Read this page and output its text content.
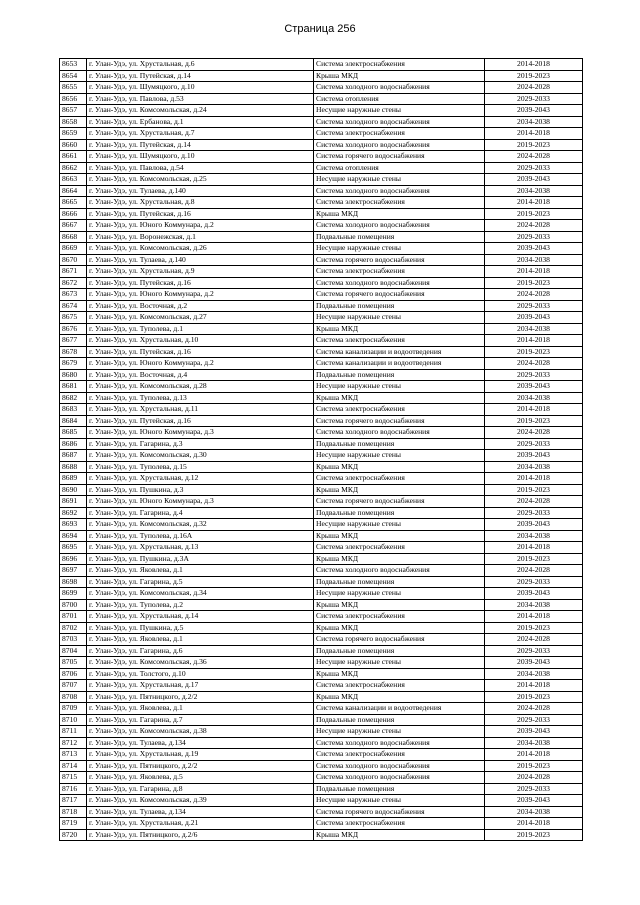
Страница 256
8653	г. Улан-Удэ, ул. Хрустальная, д.6	Система электроснабжения	2014-2018
8654	г. Улан-Удэ, ул. Путейская, д.14	Крыша МКД	2019-2023
8655	г. Улан-Удэ, ул. Шумяцкого, д.10	Система холодного водоснабжения	2024-2028
8656	г. Улан-Удэ, ул. Павлова, д.53	Система отопления	2029-2033
8657	г. Улан-Удэ, ул. Комсомольская, д.24	Несущие наружные стены	2039-2043
8658	г. Улан-Удэ, ул. Ербанова, д.1	Система холодного водоснабжения	2034-2038
8659	г. Улан-Удэ, ул. Хрустальная, д.7	Система электроснабжения	2014-2018
8660	г. Улан-Удэ, ул. Путейская, д.14	Система холодного водоснабжения	2019-2023
8661	г. Улан-Удэ, ул. Шумяцкого, д.10	Система горячего водоснабжения	2024-2028
8662	г. Улан-Удэ, ул. Павлова, д.54	Система отопления	2029-2033
8663	г. Улан-Удэ, ул. Комсомольская, д.25	Несущие наружные стены	2039-2043
8664	г. Улан-Удэ, ул. Тулаева, д.140	Система холодного водоснабжения	2034-2038
8665	г. Улан-Удэ, ул. Хрустальная, д.8	Система электроснабжения	2014-2018
8666	г. Улан-Удэ, ул. Путейская, д.16	Крыша МКД	2019-2023
8667	г. Улан-Удэ, ул. Юного Коммунара, д.2	Система холодного водоснабжения	2024-2028
8668	г. Улан-Удэ, ул. Воронежская, д.1	Подвальные помещения	2029-2033
8669	г. Улан-Удэ, ул. Комсомольская, д.26	Несущие наружные стены	2039-2043
8670	г. Улан-Удэ, ул. Тулаева, д.140	Система горячего водоснабжения	2034-2038
8671	г. Улан-Удэ, ул. Хрустальная, д.9	Система электроснабжения	2014-2018
8672	г. Улан-Удэ, ул. Путейская, д.16	Система холодного водоснабжения	2019-2023
8673	г. Улан-Удэ, ул. Юного Коммунара, д.2	Система горячего водоснабжения	2024-2028
8674	г. Улан-Удэ, ул. Восточная, д.2	Подвальные помещения	2029-2033
8675	г. Улан-Удэ, ул. Комсомольская, д.27	Несущие наружные стены	2039-2043
8676	г. Улан-Удэ, ул. Туполева, д.1	Крыша МКД	2034-2038
8677	г. Улан-Удэ, ул. Хрустальная, д.10	Система электроснабжения	2014-2018
8678	г. Улан-Удэ, ул. Путейская, д.16	Система канализации и водоотведения	2019-2023
8679	г. Улан-Удэ, ул. Юного Коммунара, д.2	Система канализации и водоотведения	2024-2028
8680	г. Улан-Удэ, ул. Восточная, д.4	Подвальные помещения	2029-2033
8681	г. Улан-Удэ, ул. Комсомольская, д.28	Несущие наружные стены	2039-2043
8682	г. Улан-Удэ, ул. Туполева, д.13	Крыша МКД	2034-2038
8683	г. Улан-Удэ, ул. Хрустальная, д.11	Система электроснабжения	2014-2018
8684	г. Улан-Удэ, ул. Путейская, д.16	Система горячего водоснабжения	2019-2023
8685	г. Улан-Удэ, ул. Юного Коммунара, д.3	Система холодного водоснабжения	2024-2028
8686	г. Улан-Удэ, ул. Гагарина, д.3	Подвальные помещения	2029-2033
8687	г. Улан-Удэ, ул. Комсомольская, д.30	Несущие наружные стены	2039-2043
8688	г. Улан-Удэ, ул. Туполева, д.15	Крыша МКД	2034-2038
8689	г. Улан-Удэ, ул. Хрустальная, д.12	Система электроснабжения	2014-2018
8690	г. Улан-Удэ, ул. Пушкина, д.3	Крыша МКД	2019-2023
8691	г. Улан-Удэ, ул. Юного Коммунара, д.3	Система горячего водоснабжения	2024-2028
8692	г. Улан-Удэ, ул. Гагарина, д.4	Подвальные помещения	2029-2033
8693	г. Улан-Удэ, ул. Комсомольская, д.32	Несущие наружные стены	2039-2043
8694	г. Улан-Удэ, ул. Туполева, д.16А	Крыша МКД	2034-2038
8695	г. Улан-Удэ, ул. Хрустальная, д.13	Система электроснабжения	2014-2018
8696	г. Улан-Удэ, ул. Пушкина, д.3А	Крыша МКД	2019-2023
8697	г. Улан-Удэ, ул. Яковлева, д.1	Система холодного водоснабжения	2024-2028
8698	г. Улан-Удэ, ул. Гагарина, д.5	Подвальные помещения	2029-2033
8699	г. Улан-Удэ, ул. Комсомольская, д.34	Несущие наружные стены	2039-2043
8700	г. Улан-Удэ, ул. Туполева, д.2	Крыша МКД	2034-2038
8701	г. Улан-Удэ, ул. Хрустальная, д.14	Система электроснабжения	2014-2018
8702	г. Улан-Удэ, ул. Пушкина, д.5	Крыша МКД	2019-2023
8703	г. Улан-Удэ, ул. Яковлева, д.1	Система горячего водоснабжения	2024-2028
8704	г. Улан-Удэ, ул. Гагарина, д.6	Подвальные помещения	2029-2033
8705	г. Улан-Удэ, ул. Комсомольская, д.36	Несущие наружные стены	2039-2043
8706	г. Улан-Удэ, ул. Толстого, д.10	Крыша МКД	2034-2038
8707	г. Улан-Удэ, ул. Хрустальная, д.17	Система электроснабжения	2014-2018
8708	г. Улан-Удэ, ул. Пятницкого, д.2/2	Крыша МКД	2019-2023
8709	г. Улан-Удэ, ул. Яковлева, д.1	Система канализации и водоотведения	2024-2028
8710	г. Улан-Удэ, ул. Гагарина, д.7	Подвальные помещения	2029-2033
8711	г. Улан-Удэ, ул. Комсомольская, д.38	Несущие наружные стены	2039-2043
8712	г. Улан-Удэ, ул. Тулаева, д.134	Система холодного водоснабжения	2034-2038
8713	г. Улан-Удэ, ул. Хрустальная, д.19	Система электроснабжения	2014-2018
8714	г. Улан-Удэ, ул. Пятницкого, д.2/2	Система холодного водоснабжения	2019-2023
8715	г. Улан-Удэ, ул. Яковлева, д.5	Система холодного водоснабжения	2024-2028
8716	г. Улан-Удэ, ул. Гагарина, д.8	Подвальные помещения	2029-2033
8717	г. Улан-Удэ, ул. Комсомольская, д.39	Несущие наружные стены	2039-2043
8718	г. Улан-Удэ, ул. Тулаева, д.134	Система горячего водоснабжения	2034-2038
8719	г. Улан-Удэ, ул. Хрустальная, д.21	Система электроснабжения	2014-2018
8720	г. Улан-Удэ, ул. Пятницкого, д.2/6	Крыша МКД	2019-2023
